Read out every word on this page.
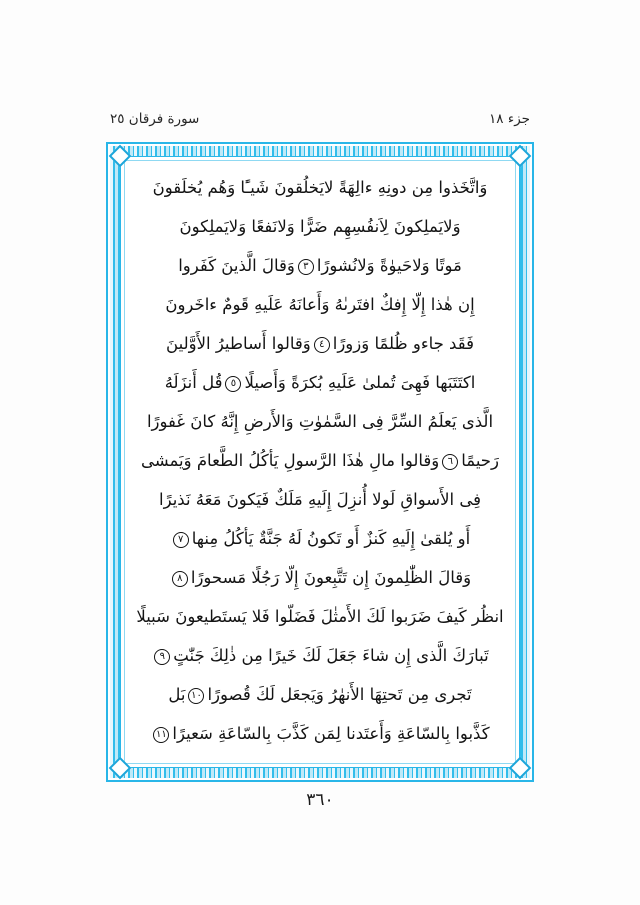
سورة فرقان ٢٥	جزء ١٨
وَاتَّخَذوا مِن دونِهِ ءالِهَةً لايَخلُقونَ شَيـًٔا وَهُم يُخلَقونَ
وَلايَملِكونَ لِاَنفُسِهِم ضَرًّا وَلانَفعًا وَلايَملِكونَ
مَوتًا وَلاحَيوٰةً وَلانُشورًا٣وَقالَ الَّذينَ كَفَروا
إِن هٰذا إِلّا إِفكٌ افتَرىٰهُ وَأَعانَهُ عَلَيهِ قَومٌ ءاخَرونَ
فَقَد جاءو ظُلمًا وَزورًا٤وَقالوا أَساطيرُ الأَوَّلينَ
اكتَتَبَها فَهِىَ تُملىٰ عَلَيهِ بُكرَةً وَأَصيلًا٥قُل أَنزَلَهُ
الَّذى يَعلَمُ السِّرَّ فِى السَّمٰوٰتِ وَالأَرضِ إِنَّهُ كانَ غَفورًا
رَحيمًا٦وَقالوا مالِ هٰذَا الرَّسولِ يَأكُلُ الطَّعامَ وَيَمشى
فِى الأَسواقِ لَولا أُنزِلَ إِلَيهِ مَلَكٌ فَيَكونَ مَعَهُ نَذيرًا
أَو يُلقىٰ إِلَيهِ كَنزٌ أَو تَكونُ لَهُ جَنَّةٌ يَأكُلُ مِنها٧
وَقالَ الظّٰلِمونَ إِن تَتَّبِعونَ إِلّا رَجُلًا مَسحورًا٨
انظُر كَيفَ ضَرَبوا لَكَ الأَمثٰلَ فَضَلّوا فَلا يَستَطيعونَ سَبيلًا
تَبارَكَ الَّذى إِن شاءَ جَعَلَ لَكَ خَيرًا مِن ذٰلِكَ جَنّٰتٍ٩
تَجرى مِن تَحتِهَا الأَنهٰرُ وَيَجعَل لَكَ قُصورًا١٠بَل
كَذَّبوا بِالسّاعَةِ وَأَعتَدنا لِمَن كَذَّبَ بِالسّاعَةِ سَعيرًا١١
٣٦٠
